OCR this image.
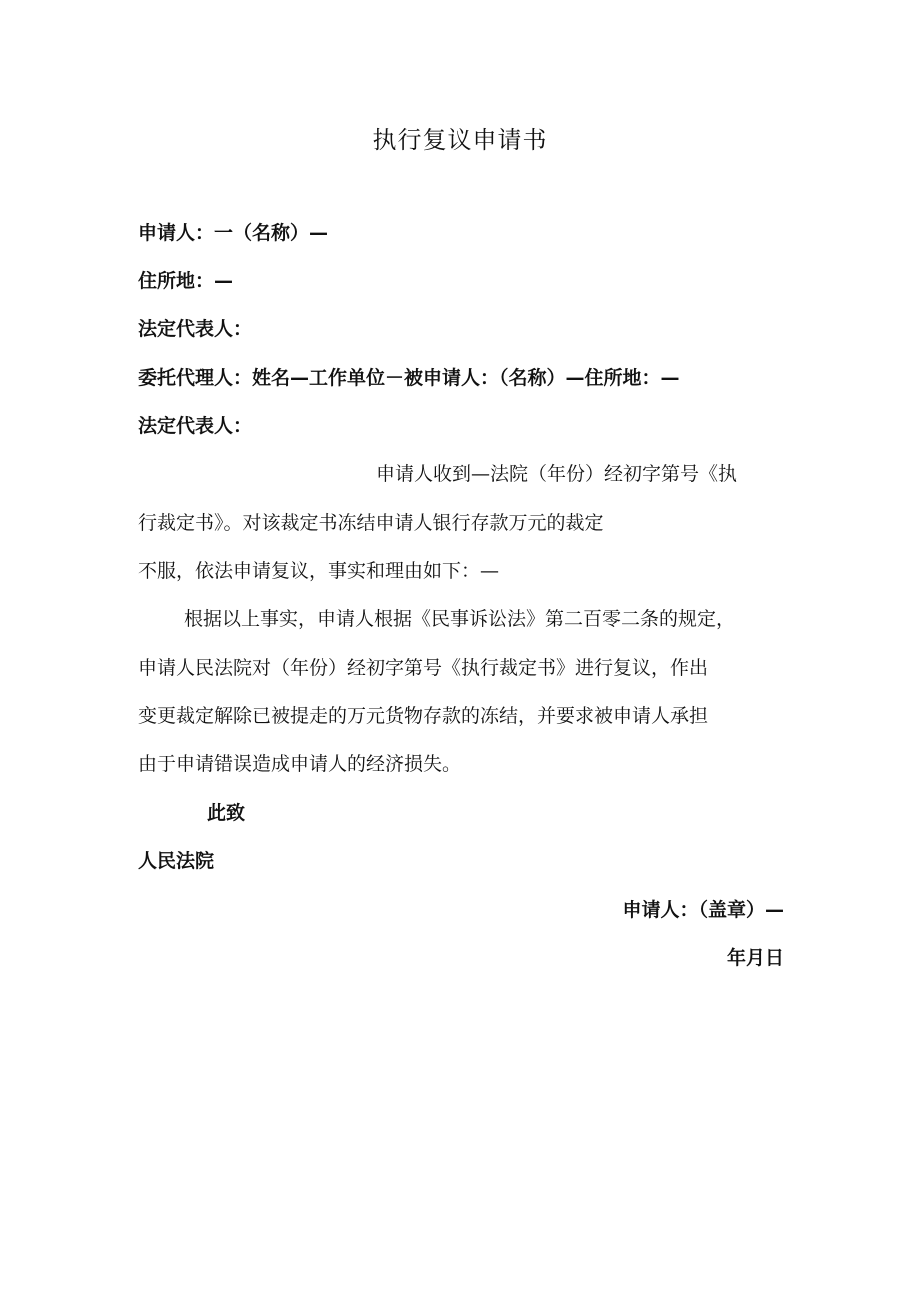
执行复议申请书
申请人：一（名称）—
住所地：—
法定代表人：
委托代理人：姓名—工作单位－被申请人：（名称）—住所地：—
法定代表人：
申请人收到—法院（年份）经初字第号《执
行裁定书》。对该裁定书冻结申请人银行存款万元的裁定
不服，依法申请复议，事实和理由如下：—
根据以上事实，申请人根据《民事诉讼法》第二百零二条的规定，
申请人民法院对（年份）经初字第号《执行裁定书》进行复议，作出
变更裁定解除已被提走的万元货物存款的冻结，并要求被申请人承担
由于申请错误造成申请人的经济损失。
此致
人民法院
申请人：（盖章）—
年月日
